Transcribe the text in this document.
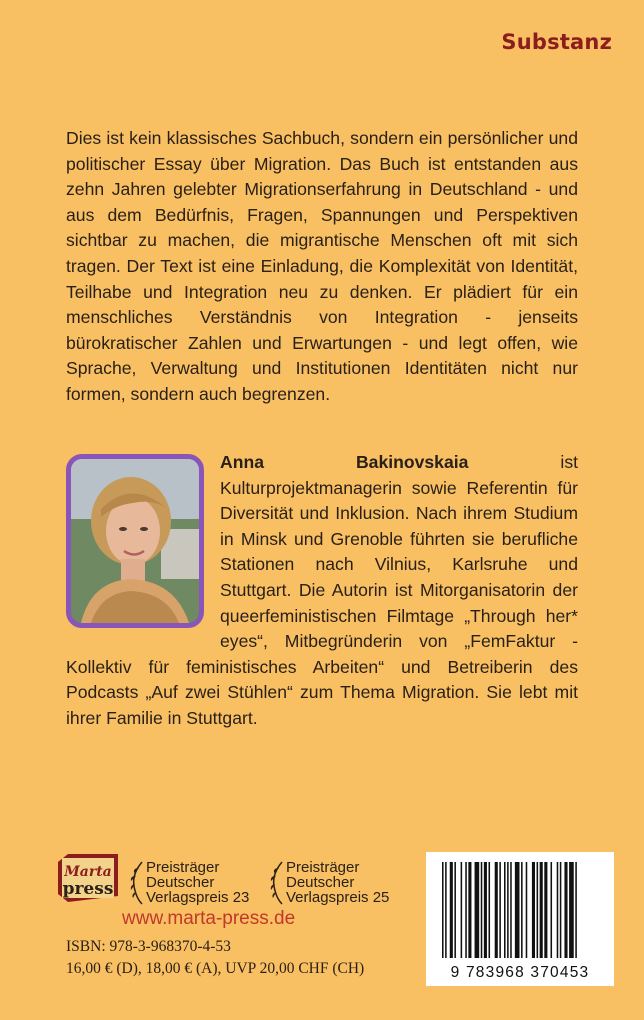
Substanz

Dies ist kein klassisches Sachbuch, sondern ein persönlicher und politischer Essay über Migration. Das Buch ist entstanden aus zehn Jahren gelebter Migrationserfahrung in Deutschland - und aus dem Bedürfnis, Fragen, Spannungen und Perspektiven sichtbar zu machen, die migrantische Menschen oft mit sich tragen. Der Text ist eine Einladung, die Komplexität von Identität, Teilhabe und Integration neu zu denken. Er plädiert für ein menschliches Verständnis von Integration - jenseits bürokratischer Zahlen und Erwartungen - und legt offen, wie Sprache, Verwaltung und Institutionen Identitäten nicht nur formen, sondern auch begrenzen.

Anna Bakinovskaia ist Kulturprojektmanagerin sowie Referentin für Diversität und Inklusion. Nach ihrem Studium in Minsk und Grenoble führten sie berufliche Stationen nach Vilnius, Karlsruhe und Stuttgart. Die Autorin ist Mitorganisatorin der queerfeministischen Filmtage „Through her* eyes“, Mitbegründerin von „FemFaktur - Kollektiv für feministisches Arbeiten“ und Betreiberin des Podcasts „Auf zwei Stühlen“ zum Thema Migration. Sie lebt mit ihrer Familie in Stuttgart.

Marta
press
Preisträger
Deutscher
Verlagspreis 23
Preisträger
Deutscher
Verlagspreis 25
www.marta-press.de
ISBN: 978-3-968370-4-53
16,00 € (D), 18,00 € (A), UVP 20,00 CHF (CH)	9 783968 370453
